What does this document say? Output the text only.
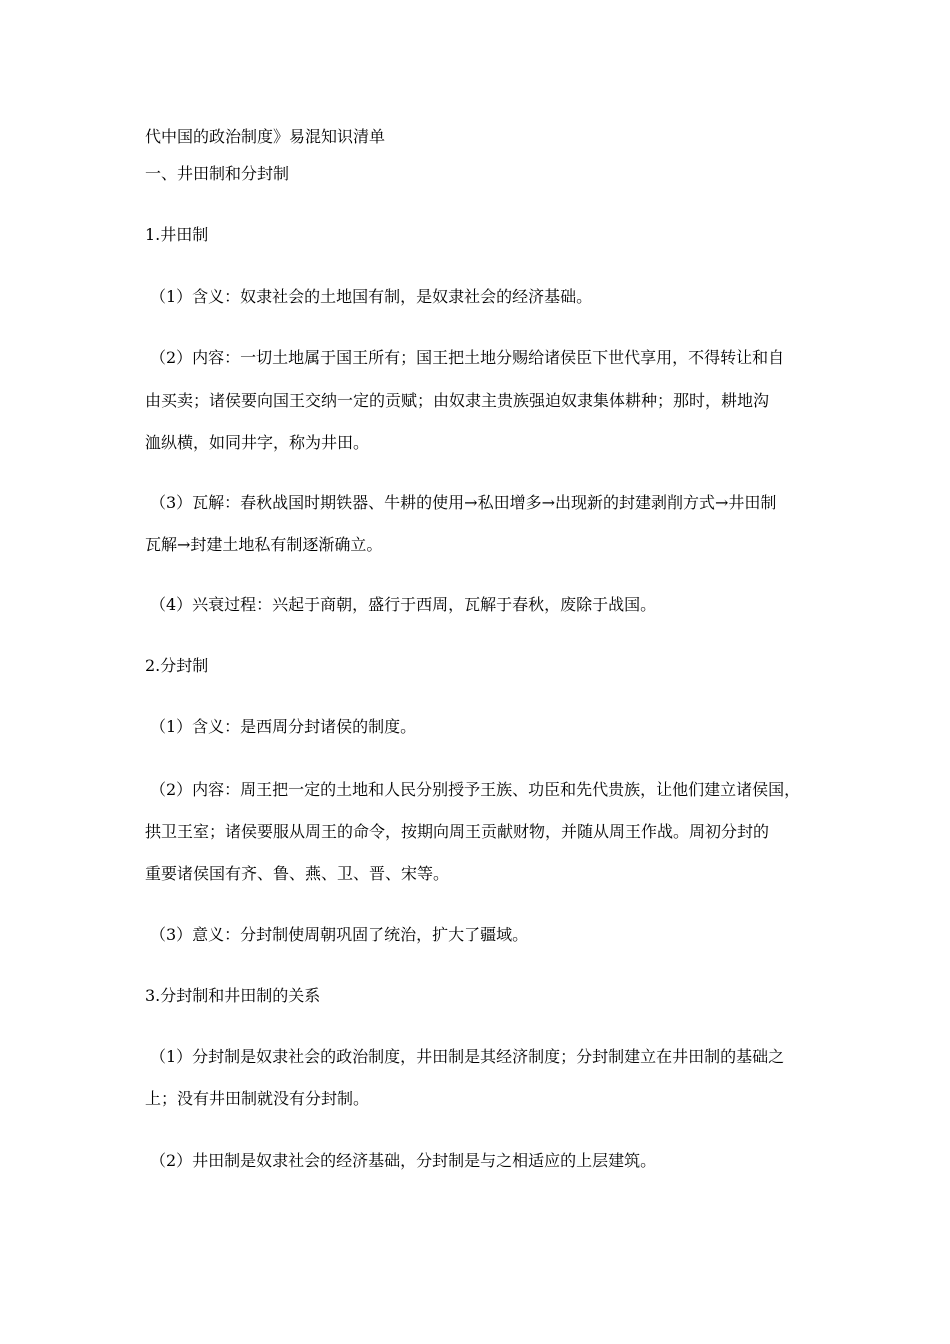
代中国的政治制度》易混知识清单
一、井田制和分封制
1.井田制
（1）含义：奴隶社会的土地国有制，是奴隶社会的经济基础。
（2）内容：一切土地属于国王所有；国王把土地分赐给诸侯臣下世代享用，不得转让和自
由买卖；诸侯要向国王交纳一定的贡赋；由奴隶主贵族强迫奴隶集体耕种；那时，耕地沟
洫纵横，如同井字，称为井田。
（3）瓦解：春秋战国时期铁器、牛耕的使用→私田增多→出现新的封建剥削方式→井田制
瓦解→封建土地私有制逐渐确立。
（4）兴衰过程：兴起于商朝，盛行于西周，瓦解于春秋，废除于战国。
2.分封制
（1）含义：是西周分封诸侯的制度。
（2）内容：周王把一定的土地和人民分别授予王族、功臣和先代贵族，让他们建立诸侯国，
拱卫王室；诸侯要服从周王的命令，按期向周王贡献财物，并随从周王作战。周初分封的
重要诸侯国有齐、鲁、燕、卫、晋、宋等。
（3）意义：分封制使周朝巩固了统治，扩大了疆域。
3.分封制和井田制的关系
（1）分封制是奴隶社会的政治制度，井田制是其经济制度；分封制建立在井田制的基础之
上；没有井田制就没有分封制。
（2）井田制是奴隶社会的经济基础，分封制是与之相适应的上层建筑。
